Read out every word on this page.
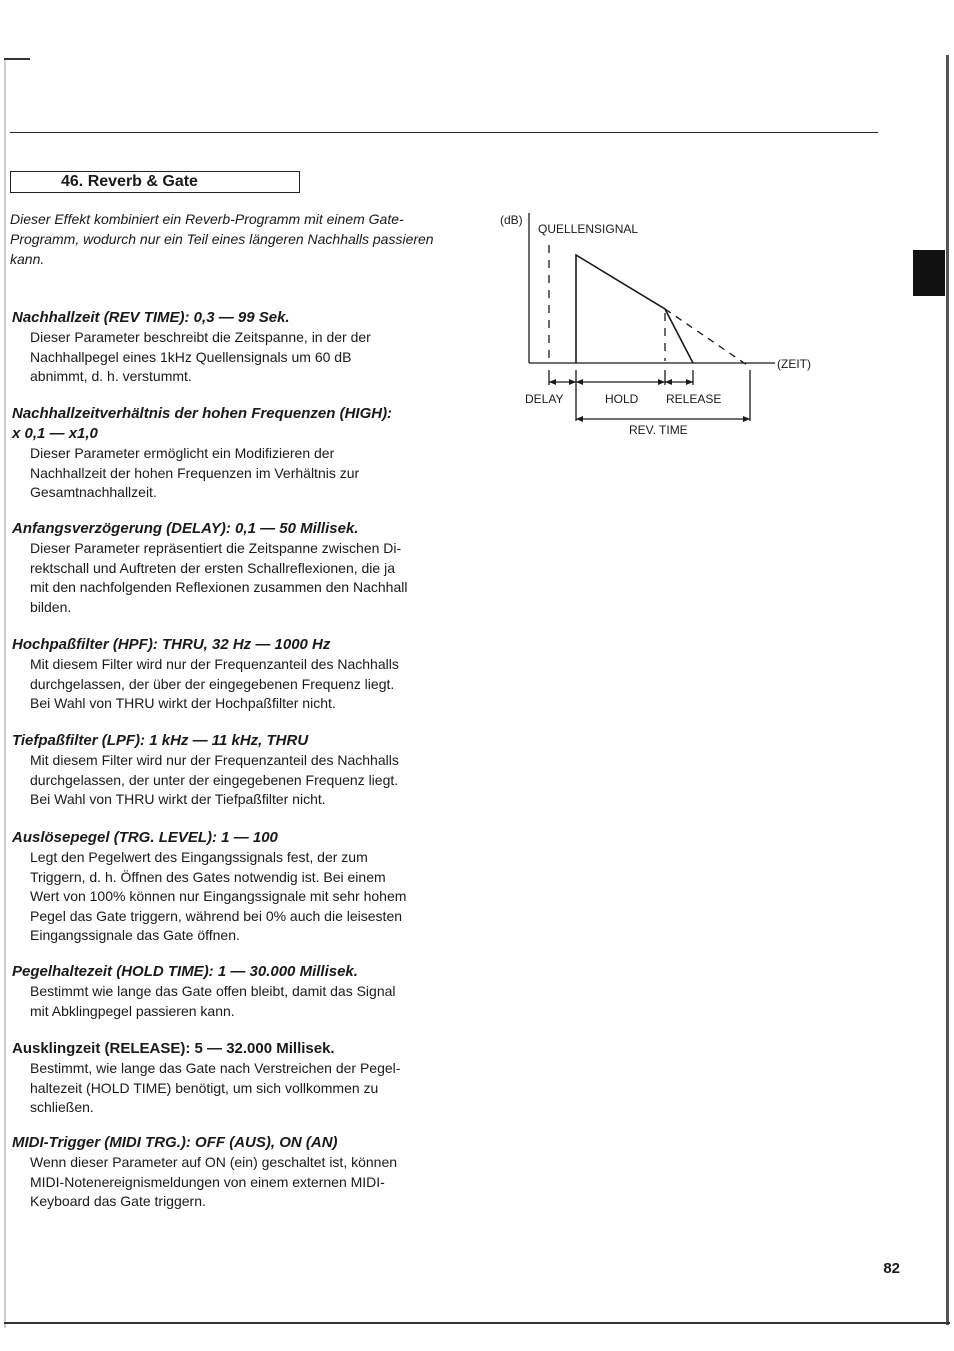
46. Reverb & Gate

Dieser Effekt kombiniert ein Reverb-Programm mit einem Gate-Programm, wodurch nur ein Teil eines längeren Nachhalls passieren kann.

Nachhallzeit (REV TIME): 0,3 — 99 Sek.

Dieser Parameter beschreibt die Zeitspanne, in der der

Nachhallpegel eines 1kHz Quellensignals um 60 dB

abnimmt, d. h. verstummt.

Nachhallzeitverhältnis der hohen Frequenzen (HIGH):
x 0,1 — x1,0

Dieser Parameter ermöglicht ein Modifizieren der

Nachhallzeit der hohen Frequenzen im Verhältnis zur

Gesamtnachhallzeit.

Anfangsverzögerung (DELAY): 0,1 — 50 Millisek.

Dieser Parameter repräsentiert die Zeitspanne zwischen Di-

rektschall und Auftreten der ersten Schallreflexionen, die ja

mit den nachfolgenden Reflexionen zusammen den Nachhall

bilden.

Hochpaßfilter (HPF): THRU, 32 Hz — 1000 Hz

Mit diesem Filter wird nur der Frequenzanteil des Nachhalls

durchgelassen, der über der eingegebenen Frequenz liegt.

Bei Wahl von THRU wirkt der Hochpaßfilter nicht.

Tiefpaßfilter (LPF): 1 kHz — 11 kHz, THRU

Mit diesem Filter wird nur der Frequenzanteil des Nachhalls

durchgelassen, der unter der eingegebenen Frequenz liegt.

Bei Wahl von THRU wirkt der Tiefpaßfilter nicht.

Auslösepegel (TRG. LEVEL): 1 — 100

Legt den Pegelwert des Eingangssignals fest, der zum

Triggern, d. h. Öffnen des Gates notwendig ist. Bei einem

Wert von 100% können nur Eingangssignale mit sehr hohem

Pegel das Gate triggern, während bei 0% auch die leisesten

Eingangssignale das Gate öffnen.

Pegelhaltezeit (HOLD TIME): 1 — 30.000 Millisek.

Bestimmt wie lange das Gate offen bleibt, damit das Signal

mit Abklingpegel passieren kann.

Ausklingzeit (RELEASE): 5 — 32.000 Millisek.

Bestimmt, wie lange das Gate nach Verstreichen der Pegel-

haltezeit (HOLD TIME) benötigt, um sich vollkommen zu

schließen.

MIDI-Trigger (MIDI TRG.): OFF (AUS), ON (AN)

Wenn dieser Parameter auf ON (ein) geschaltet ist, können

MIDI-Notenereignismeldungen von einem externen MIDI-

Keyboard das Gate triggern.

(dB)
QUELLENSIGNAL
(ZEIT)
DELAY	HOLD RELEASE
REV. TIME
82
